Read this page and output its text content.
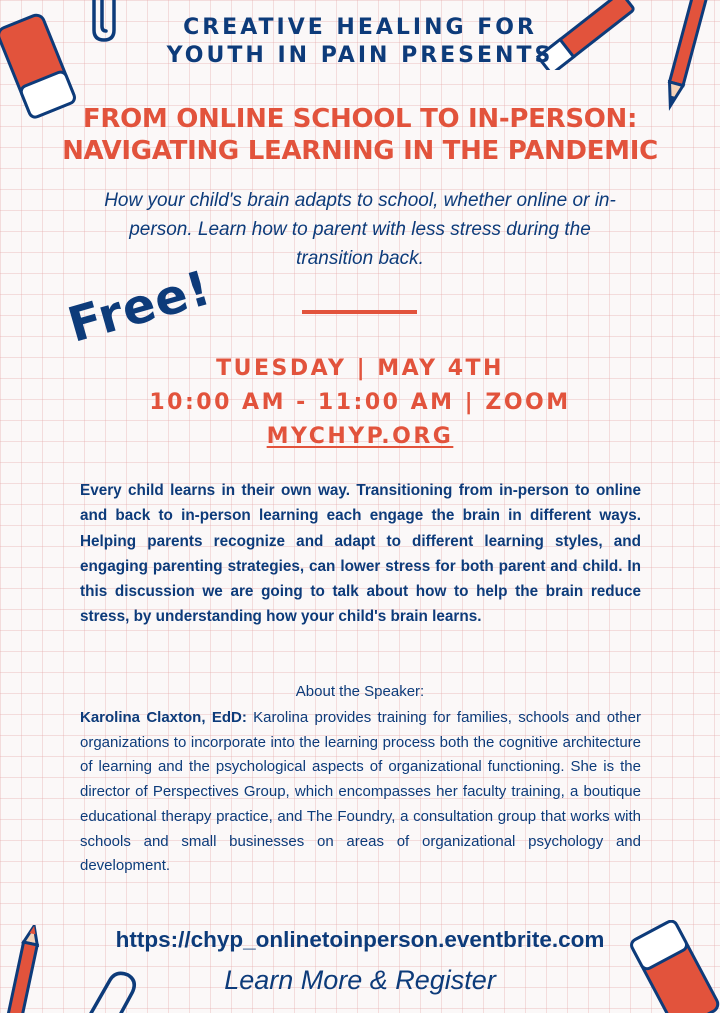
CREATIVE HEALING FOR
YOUTH IN PAIN PRESENTS
FROM ONLINE SCHOOL TO IN-PERSON:
NAVIGATING LEARNING IN THE PANDEMIC
How your child's brain adapts to school, whether online or in-person. Learn how to parent with less stress during the transition back.
Free!
TUESDAY | MAY 4TH
10:00 AM - 11:00 AM | ZOOM
MYCHYP.ORG
Every child learns in their own way. Transitioning from in-person to online and back to in-person learning each engage the brain in different ways. Helping parents recognize and adapt to different learning styles, and engaging parenting strategies, can lower stress for both parent and child. In this discussion we are going to talk about how to help the brain reduce stress, by understanding how your child's brain learns.
About the Speaker:
Karolina Claxton, EdD: Karolina provides training for families, schools and other organizations to incorporate into the learning process both the cognitive architecture of learning and the psychological aspects of organizational functioning. She is the director of Perspectives Group, which encompasses her faculty training, a boutique educational therapy practice, and The Foundry, a consultation group that works with schools and small businesses on areas of organizational psychology and development.
https://chyp_onlinetoinperson.eventbrite.com
Learn More & Register
